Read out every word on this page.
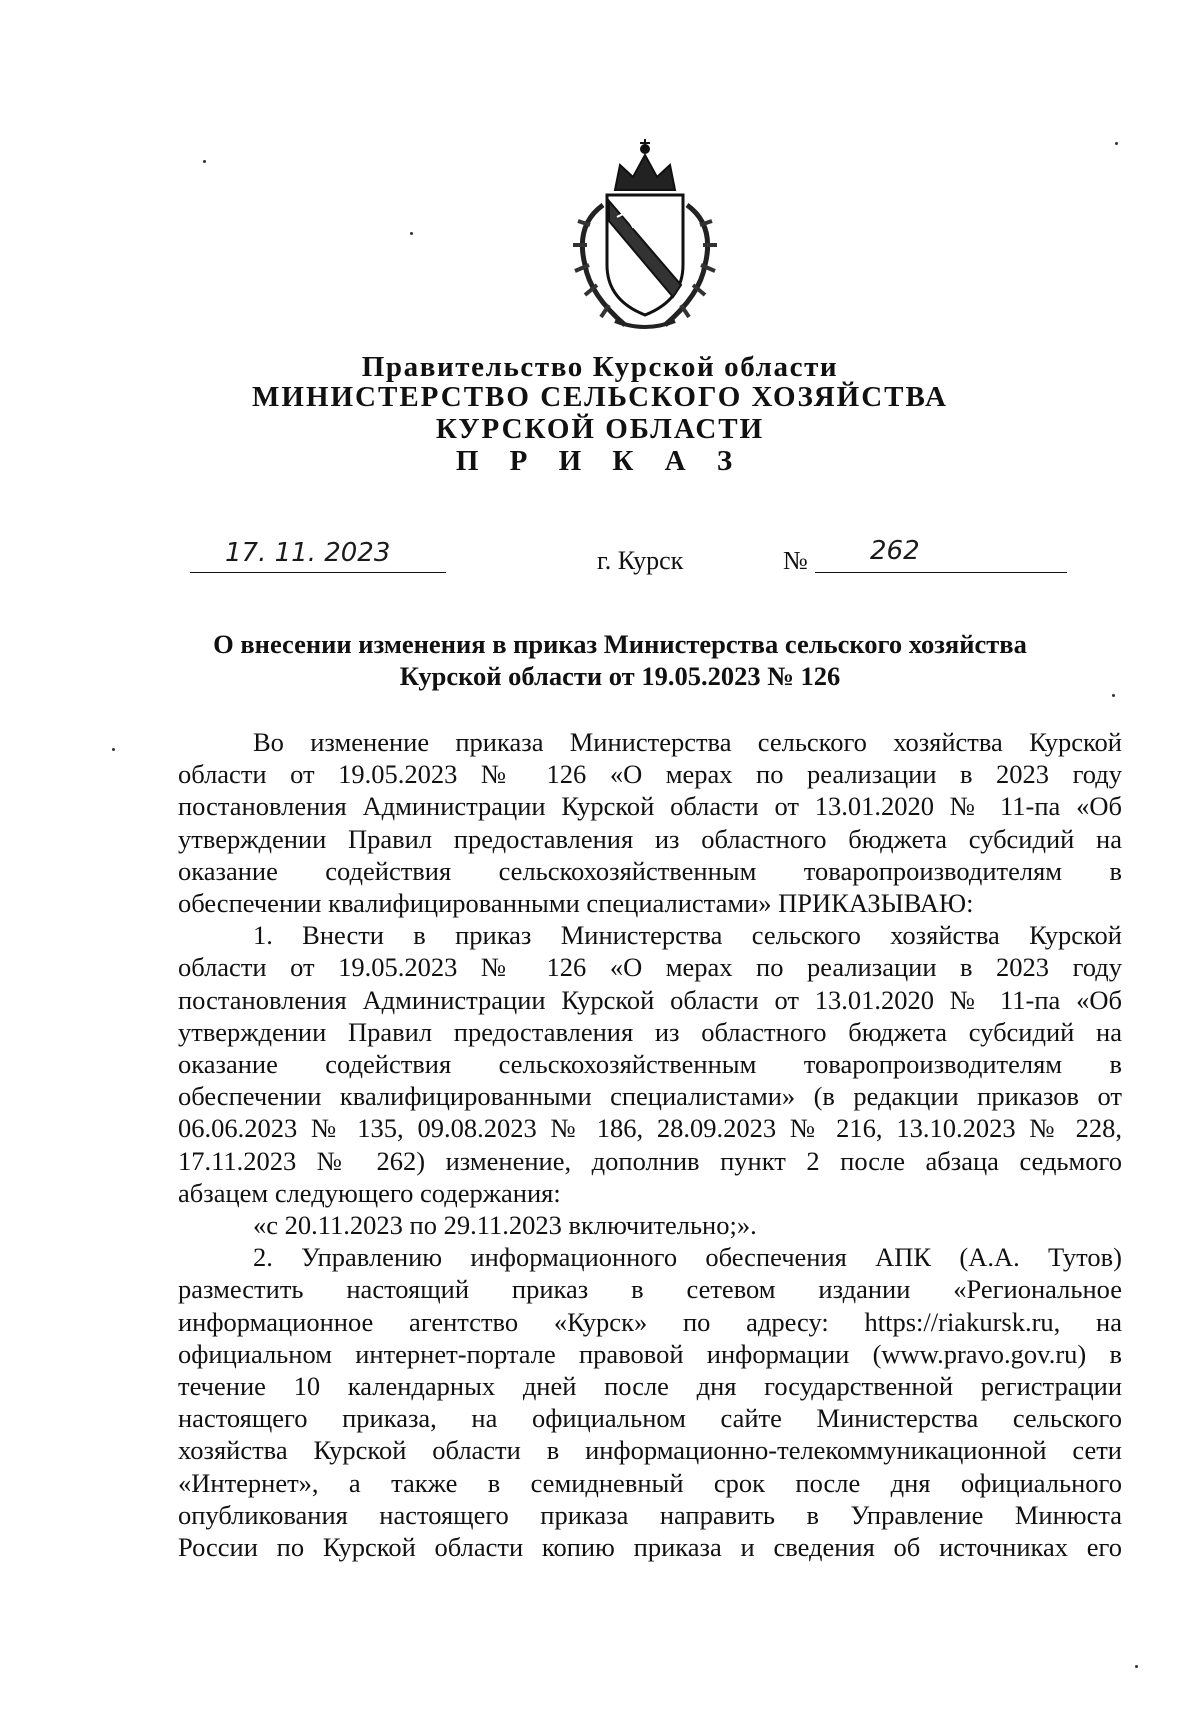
Правительство Курской области
МИНИСТЕРСТВО СЕЛЬСКОГО ХОЗЯЙСТВА
КУРСКОЙ ОБЛАСТИ
П Р И К А З
17. 11. 2023	г. Курск	№ 262
О внесении изменения в приказ Министерства сельского хозяйства
Курской области от 19.05.2023 № 126

Во изменение приказа Министерства сельского хозяйства Курской

области от 19.05.2023 № 126 «О мерах по реализации в 2023 году

постановления Администрации Курской области от 13.01.2020 № 11-па «Об

утверждении Правил предоставления из областного бюджета субсидий на

оказание содействия сельскохозяйственным товаропроизводителям в

обеспечении квалифицированными специалистами» ПРИКАЗЫВАЮ:

1. Внести в приказ Министерства сельского хозяйства Курской

области от 19.05.2023 № 126 «О мерах по реализации в 2023 году

постановления Администрации Курской области от 13.01.2020 № 11-па «Об

утверждении Правил предоставления из областного бюджета субсидий на

оказание содействия сельскохозяйственным товаропроизводителям в

обеспечении квалифицированными специалистами» (в редакции приказов от

06.06.2023 № 135, 09.08.2023 № 186, 28.09.2023 № 216, 13.10.2023 № 228,

17.11.2023 № 262) изменение, дополнив пункт 2 после абзаца седьмого

абзацем следующего содержания:

«с 20.11.2023 по 29.11.2023 включительно;».

2. Управлению информационного обеспечения АПК (А.А. Тутов)

разместить настоящий приказ в сетевом издании «Региональное

информационное агентство «Курск» по адресу: https://riakursk.ru, на

официальном интернет-портале правовой информации (www.pravo.gov.ru) в

течение 10 календарных дней после дня государственной регистрации

настоящего приказа, на официальном сайте Министерства сельского

хозяйства Курской области в информационно-телекоммуникационной сети

«Интернет», а также в семидневный срок после дня официального

опубликования настоящего приказа направить в Управление Минюста

России по Курской области копию приказа и сведения об источниках его
